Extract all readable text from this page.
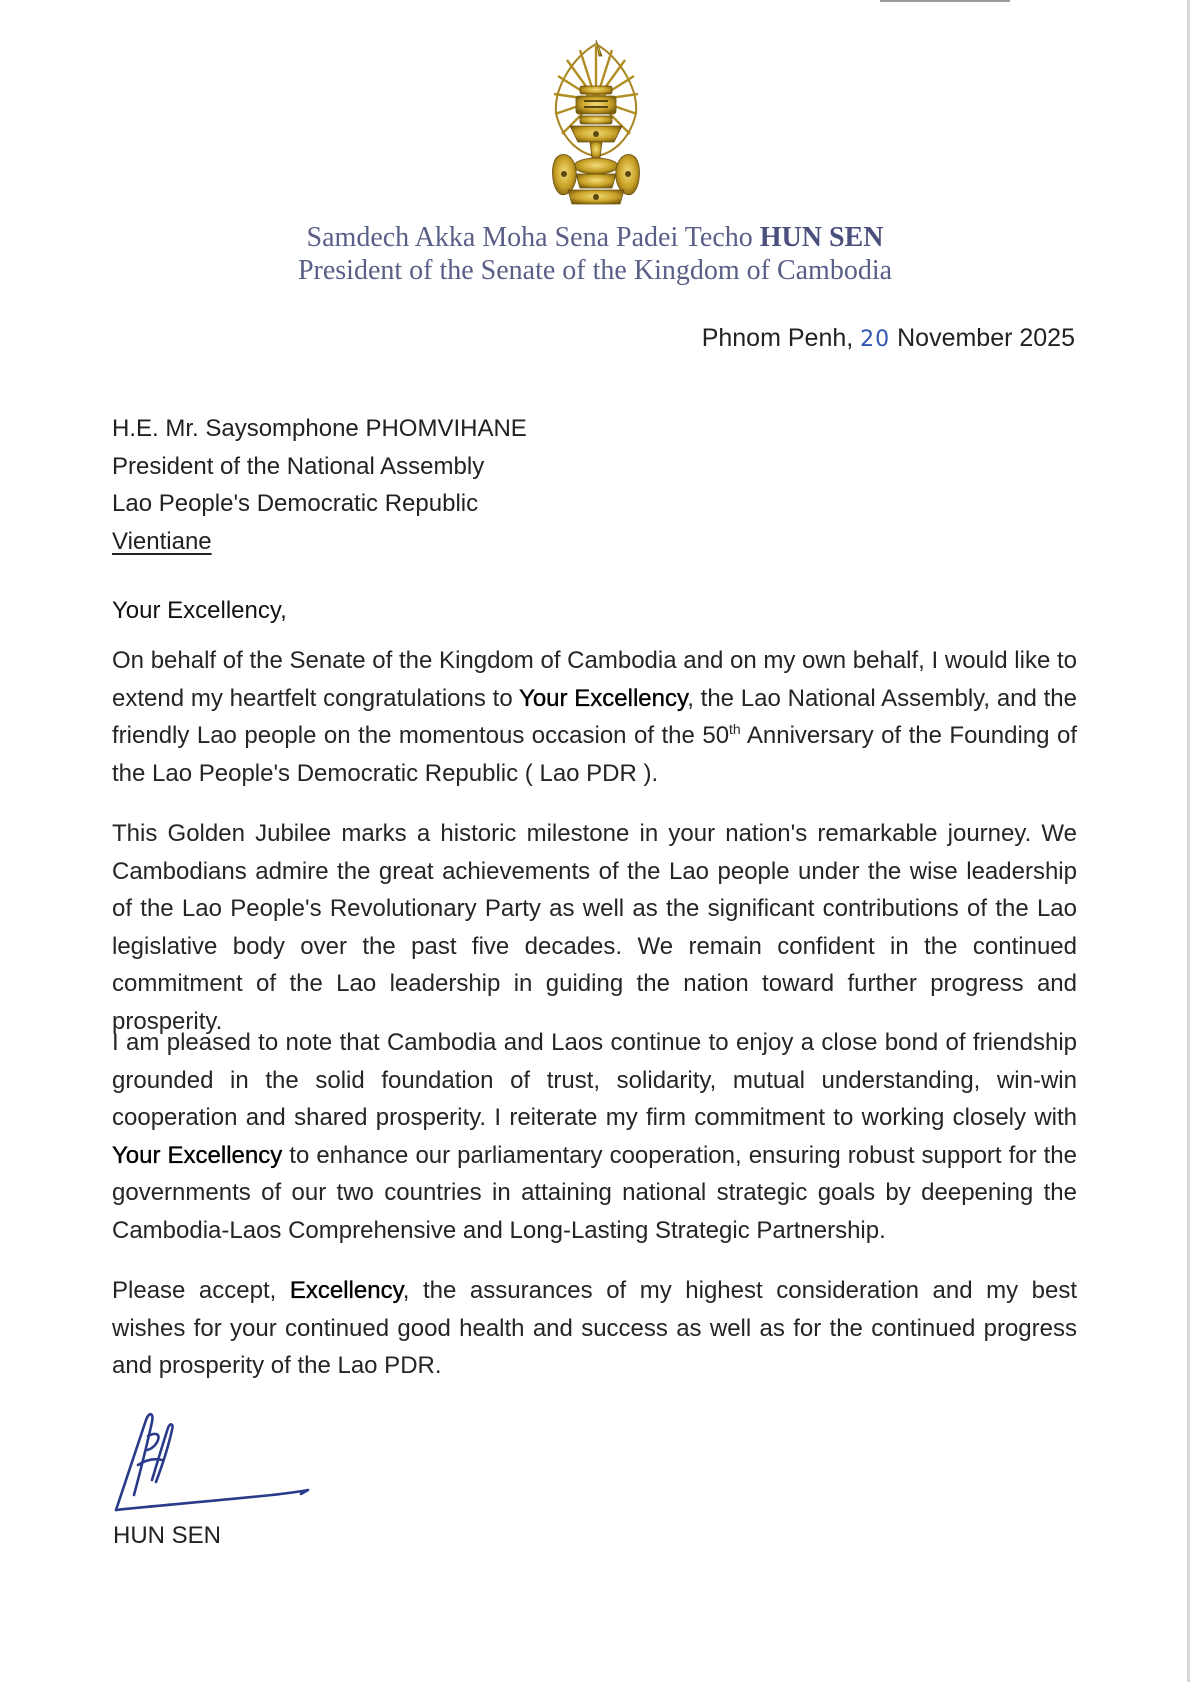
Samdech Akka Moha Sena Padei Techo HUN SEN
President of the Senate of the Kingdom of Cambodia
Phnom Penh, 20 November 2025
H.E. Mr. Saysomphone PHOMVIHANE
President of the National Assembly
Lao People's Democratic Republic
Vientiane
Your Excellency,
On behalf of the Senate of the Kingdom of Cambodia and on my own behalf, I would like to extend my heartfelt congratulations to Your Excellency, the Lao National Assembly, and the friendly Lao people on the momentous occasion of the 50th Anniversary of the Founding of the Lao People's Democratic Republic ( Lao PDR ).
This Golden Jubilee marks a historic milestone in your nation's remarkable journey. We Cambodians admire the great achievements of the Lao people under the wise leadership of the Lao People's Revolutionary Party as well as the significant contributions of the Lao legislative body over the past five decades. We remain confident in the continued commitment of the Lao leadership in guiding the nation toward further progress and prosperity.
I am pleased to note that Cambodia and Laos continue to enjoy a close bond of friendship grounded in the solid foundation of trust, solidarity, mutual understanding, win-win cooperation and shared prosperity. I reiterate my firm commitment to working closely with Your Excellency to enhance our parliamentary cooperation, ensuring robust support for the governments of our two countries in attaining national strategic goals by deepening the Cambodia-Laos Comprehensive and Long-Lasting Strategic Partnership.
Please accept, Excellency, the assurances of my highest consideration and my best wishes for your continued good health and success as well as for the continued progress and prosperity of the Lao PDR.
HUN SEN
